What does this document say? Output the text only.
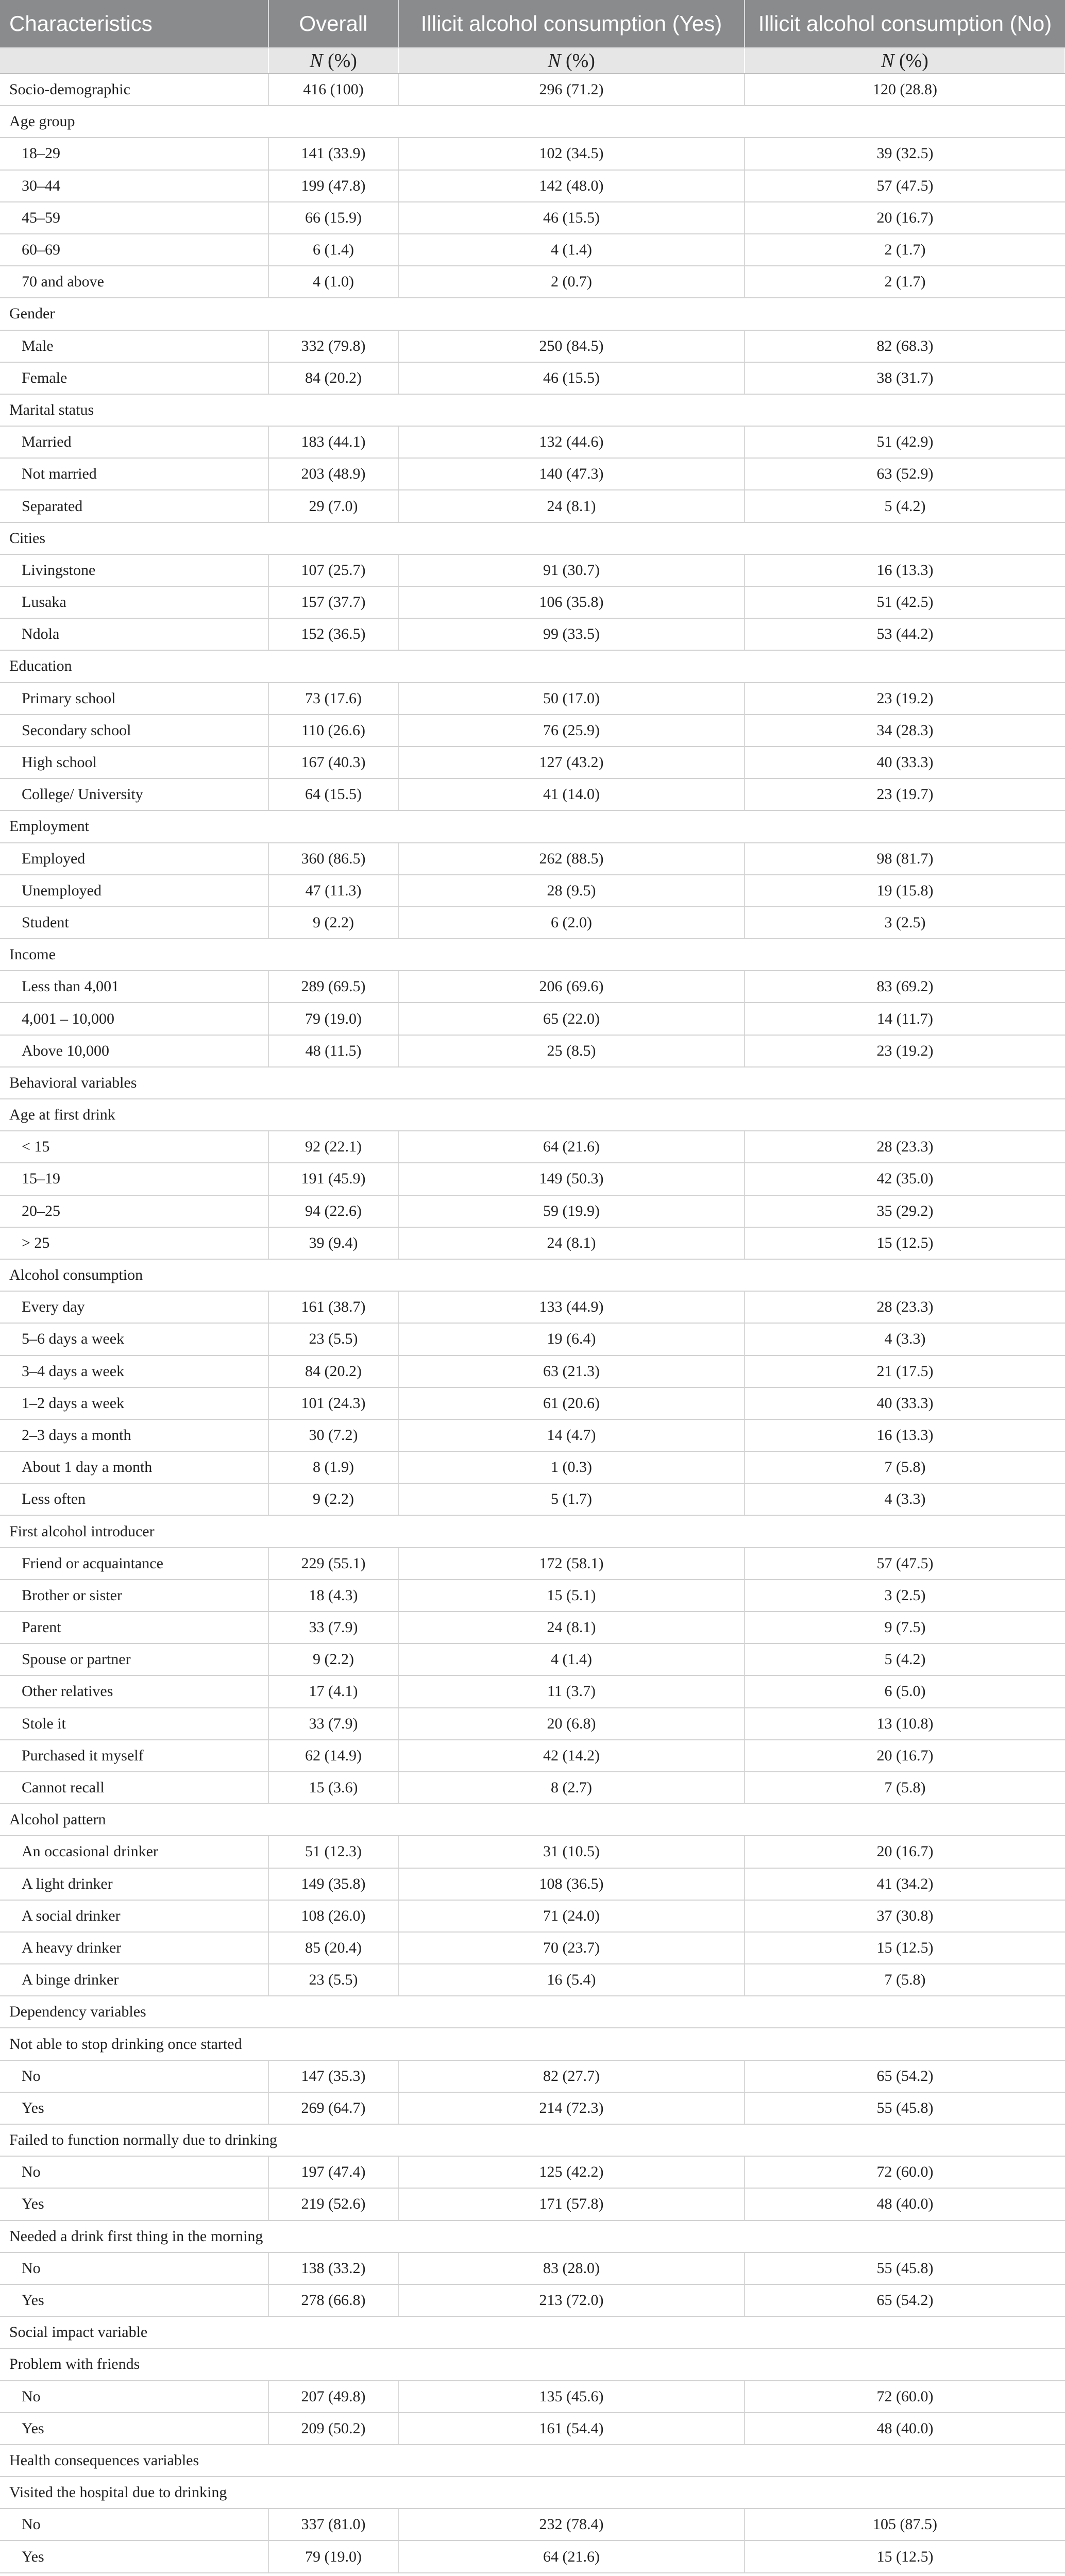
Characteristics	Overall	Illicit alcohol consumption (Yes)	Illicit alcohol consumption (No)
	N (%)	N (%)	N (%)
Socio-demographic	416 (100)	296 (71.2)	120 (28.8)
Age group			
18–29	141 (33.9)	102 (34.5)	39 (32.5)
30–44	199 (47.8)	142 (48.0)	57 (47.5)
45–59	66 (15.9)	46 (15.5)	20 (16.7)
60–69	6 (1.4)	4 (1.4)	2 (1.7)
70 and above	4 (1.0)	2 (0.7)	2 (1.7)
Gender			
Male	332 (79.8)	250 (84.5)	82 (68.3)
Female	84 (20.2)	46 (15.5)	38 (31.7)
Marital status			
Married	183 (44.1)	132 (44.6)	51 (42.9)
Not married	203 (48.9)	140 (47.3)	63 (52.9)
Separated	29 (7.0)	24 (8.1)	5 (4.2)
Cities			
Livingstone	107 (25.7)	91 (30.7)	16 (13.3)
Lusaka	157 (37.7)	106 (35.8)	51 (42.5)
Ndola	152 (36.5)	99 (33.5)	53 (44.2)
Education			
Primary school	73 (17.6)	50 (17.0)	23 (19.2)
Secondary school	110 (26.6)	76 (25.9)	34 (28.3)
High school	167 (40.3)	127 (43.2)	40 (33.3)
College/ University	64 (15.5)	41 (14.0)	23 (19.7)
Employment			
Employed	360 (86.5)	262 (88.5)	98 (81.7)
Unemployed	47 (11.3)	28 (9.5)	19 (15.8)
Student	9 (2.2)	6 (2.0)	3 (2.5)
Income			
Less than 4,001	289 (69.5)	206 (69.6)	83 (69.2)
4,001 – 10,000	79 (19.0)	65 (22.0)	14 (11.7)
Above 10,000	48 (11.5)	25 (8.5)	23 (19.2)
Behavioral variables			
Age at first drink			
< 15	92 (22.1)	64 (21.6)	28 (23.3)
15–19	191 (45.9)	149 (50.3)	42 (35.0)
20–25	94 (22.6)	59 (19.9)	35 (29.2)
> 25	39 (9.4)	24 (8.1)	15 (12.5)
Alcohol consumption			
Every day	161 (38.7)	133 (44.9)	28 (23.3)
5–6 days a week	23 (5.5)	19 (6.4)	4 (3.3)
3–4 days a week	84 (20.2)	63 (21.3)	21 (17.5)
1–2 days a week	101 (24.3)	61 (20.6)	40 (33.3)
2–3 days a month	30 (7.2)	14 (4.7)	16 (13.3)
About 1 day a month	8 (1.9)	1 (0.3)	7 (5.8)
Less often	9 (2.2)	5 (1.7)	4 (3.3)
First alcohol introducer			
Friend or acquaintance	229 (55.1)	172 (58.1)	57 (47.5)
Brother or sister	18 (4.3)	15 (5.1)	3 (2.5)
Parent	33 (7.9)	24 (8.1)	9 (7.5)
Spouse or partner	9 (2.2)	4 (1.4)	5 (4.2)
Other relatives	17 (4.1)	11 (3.7)	6 (5.0)
Stole it	33 (7.9)	20 (6.8)	13 (10.8)
Purchased it myself	62 (14.9)	42 (14.2)	20 (16.7)
Cannot recall	15 (3.6)	8 (2.7)	7 (5.8)
Alcohol pattern			
An occasional drinker	51 (12.3)	31 (10.5)	20 (16.7)
A light drinker	149 (35.8)	108 (36.5)	41 (34.2)
A social drinker	108 (26.0)	71 (24.0)	37 (30.8)
A heavy drinker	85 (20.4)	70 (23.7)	15 (12.5)
A binge drinker	23 (5.5)	16 (5.4)	7 (5.8)
Dependency variables			
Not able to stop drinking once started			
No	147 (35.3)	82 (27.7)	65 (54.2)
Yes	269 (64.7)	214 (72.3)	55 (45.8)
Failed to function normally due to drinking			
No	197 (47.4)	125 (42.2)	72 (60.0)
Yes	219 (52.6)	171 (57.8)	48 (40.0)
Needed a drink first thing in the morning			
No	138 (33.2)	83 (28.0)	55 (45.8)
Yes	278 (66.8)	213 (72.0)	65 (54.2)
Social impact variable			
Problem with friends			
No	207 (49.8)	135 (45.6)	72 (60.0)
Yes	209 (50.2)	161 (54.4)	48 (40.0)
Health consequences variables			
Visited the hospital due to drinking			
No	337 (81.0)	232 (78.4)	105 (87.5)
Yes	79 (19.0)	64 (21.6)	15 (12.5)
